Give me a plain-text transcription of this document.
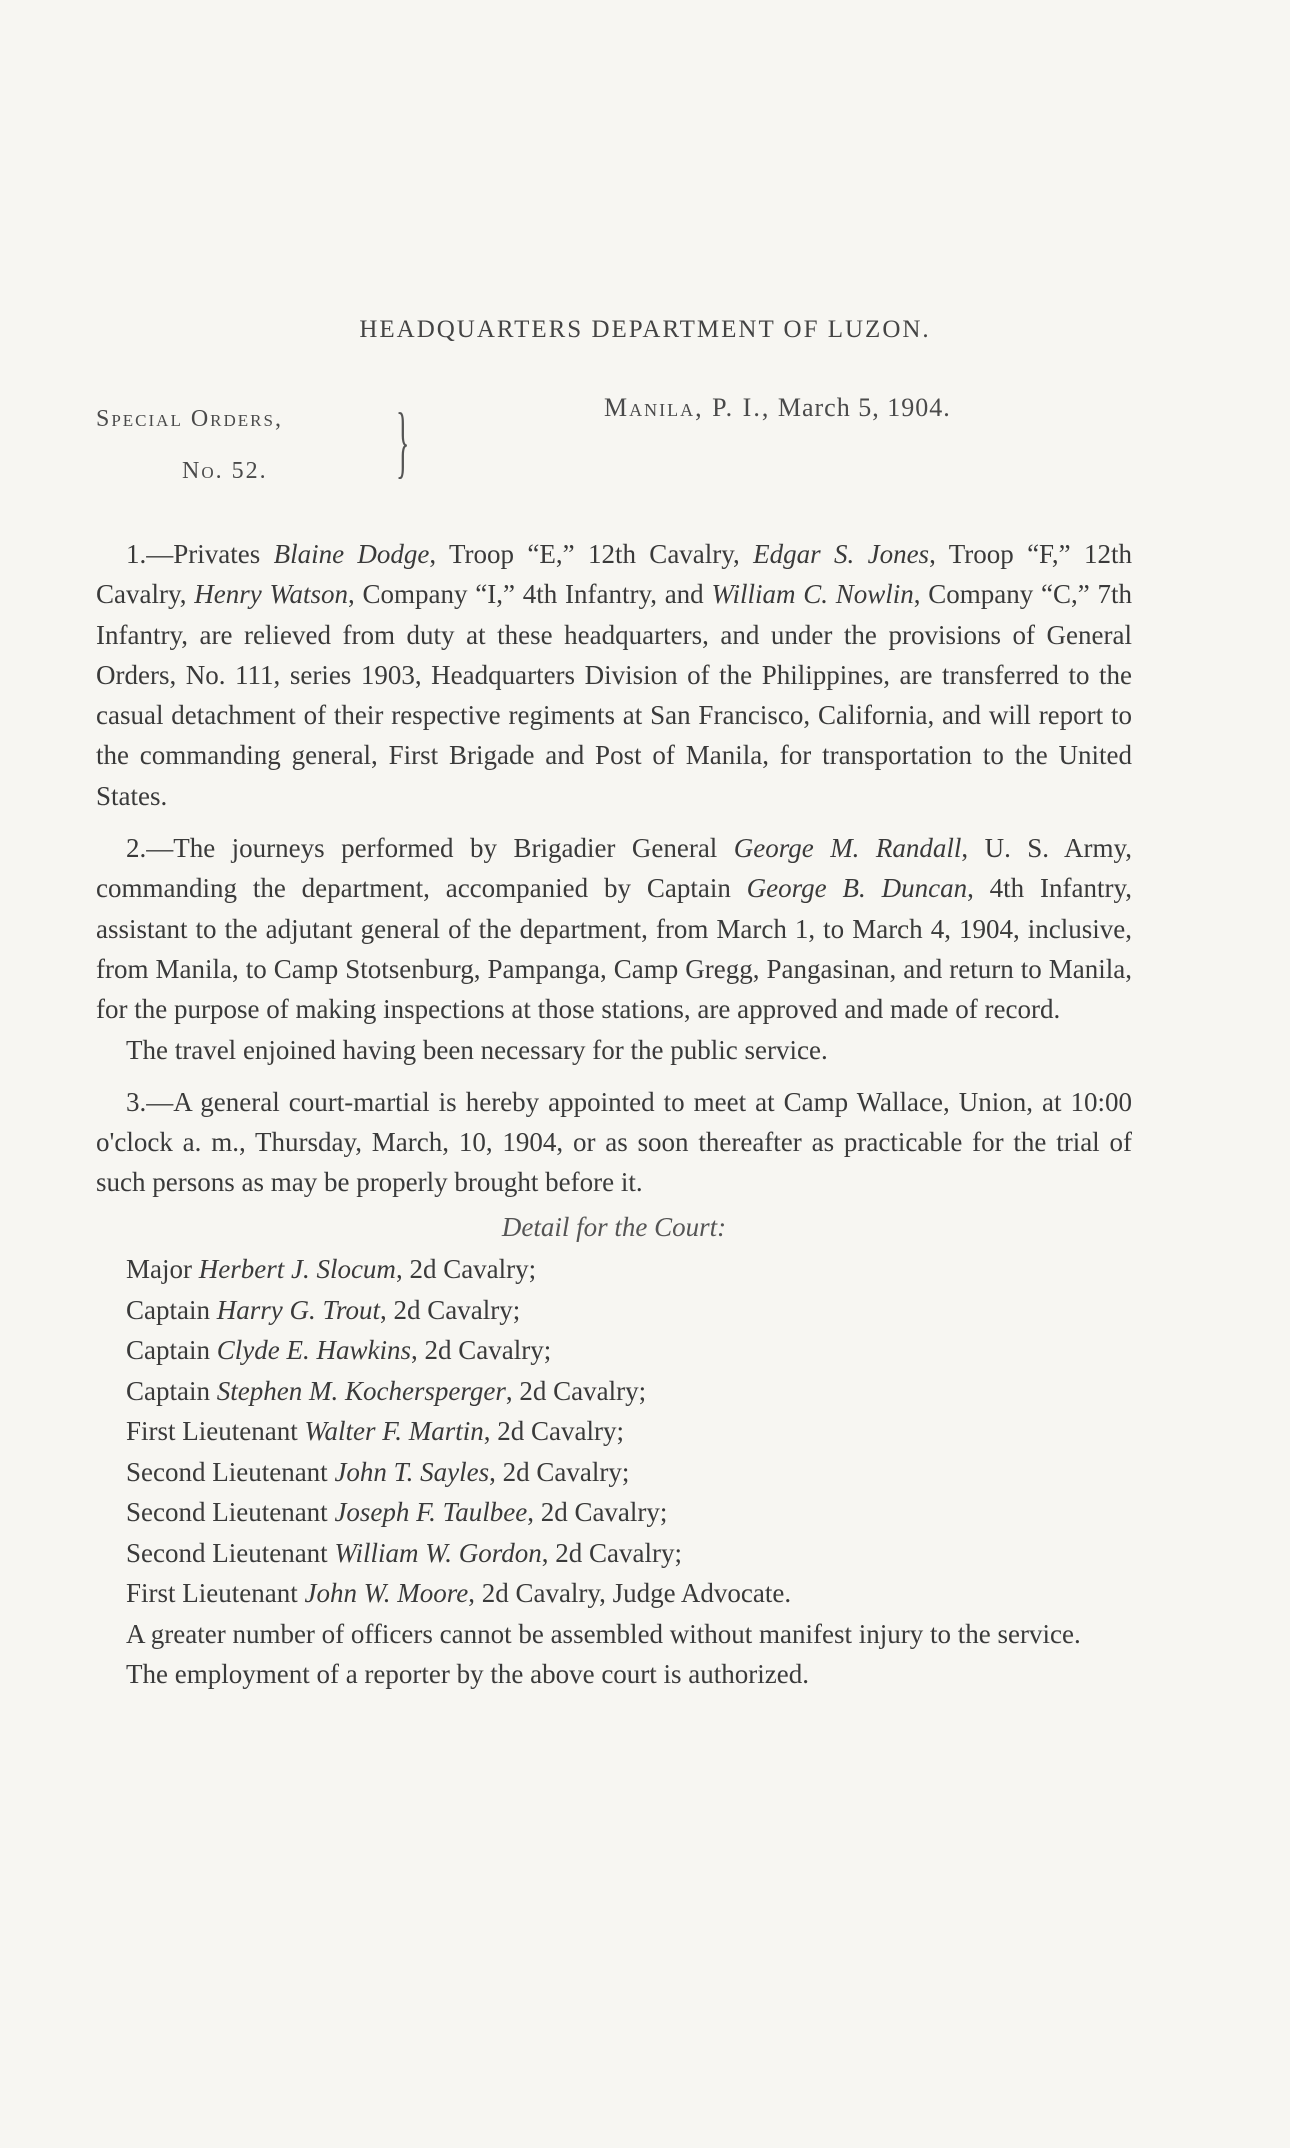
HEADQUARTERS DEPARTMENT OF LUZON.
Special Orders,
No. 52. }	Manila, P. I., March 5, 1904.

1.—Privates Blaine Dodge, Troop “E,” 12th Cavalry, Edgar S. Jones, Troop “F,” 12th Cavalry, Henry Watson, Company “I,” 4th Infantry, and William C. Nowlin, Company “C,” 7th Infantry, are relieved from duty at these headquarters, and under the provisions of General Orders, No. 111, series 1903, Headquarters Division of the Philippines, are transferred to the casual detachment of their respective regiments at San Francisco, California, and will report to the commanding general, First Brigade and Post of Manila, for transportation to the United States.

2.—The journeys performed by Brigadier General George M. Randall, U. S. Army, commanding the department, accompanied by Captain George B. Duncan, 4th Infantry, assistant to the adjutant general of the department, from March 1, to March 4, 1904, inclusive, from Manila, to Camp Stotsenburg, Pampanga, Camp Gregg, Pangasinan, and return to Manila, for the purpose of making inspections at those stations, are approved and made of record.

The travel enjoined having been necessary for the public service.

3.—A general court-martial is hereby appointed to meet at Camp Wallace, Union, at 10:00 o'clock a. m., Thursday, March, 10, 1904, or as soon thereafter as practicable for the trial of such persons as may be properly brought before it.

Detail for the Court:

Major Herbert J. Slocum, 2d Cavalry;

Captain Harry G. Trout, 2d Cavalry;

Captain Clyde E. Hawkins, 2d Cavalry;

Captain Stephen M. Kochersperger, 2d Cavalry;

First Lieutenant Walter F. Martin, 2d Cavalry;

Second Lieutenant John T. Sayles, 2d Cavalry;

Second Lieutenant Joseph F. Taulbee, 2d Cavalry;

Second Lieutenant William W. Gordon, 2d Cavalry;

First Lieutenant John W. Moore, 2d Cavalry, Judge Advocate.

A greater number of officers cannot be assembled without manifest injury to the service.

The employment of a reporter by the above court is authorized.
